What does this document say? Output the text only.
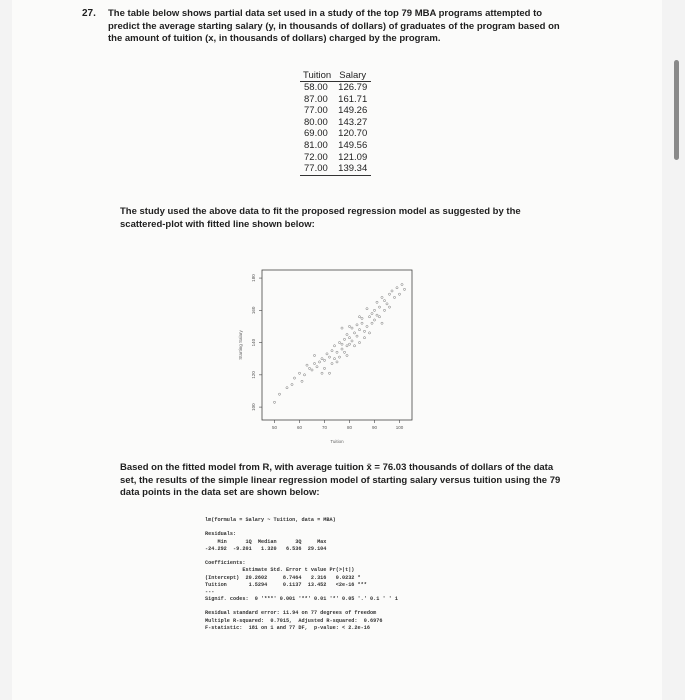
27. The table below shows partial data set used in a study of the top 79 MBA programs attempted to predict the average starting salary (y, in thousands of dollars) of graduates of the program based on the amount of tuition (x, in thousands of dollars) charged by the program.
Tuition	Salary
58.00	126.79
87.00	161.71
77.00	149.26
80.00	143.27
69.00	120.70
81.00	149.56
72.00	121.09
77.00	139.34
The study used the above data to fit the proposed regression model as suggested by the scattered-plot with fitted line shown below:
100
120
140
160
180
50	60	70	80	90	100
Starting Salary
Tuition
Based on the fitted model from R, with average tuition x̄ = 76.03 thousands of dollars of the data set, the results of the simple linear regression model of starting salary versus tuition using the 79 data points in the data set are shown below:
lm(formula = Salary ~ Tuition, data = MBA)
Residuals:
Min      1Q  Median      3Q     Max
-24.292  -9.201   1.320   6.536  29.104
Coefficients:
Estimate Std. Error t value Pr(>|t|)
(Intercept)  20.2602     8.7464   2.316   0.0232 *
Tuition       1.5294     0.1137  13.452   <2e-16 ***
---
Signif. codes:  0 '***' 0.001 '**' 0.01 '*' 0.05 '.' 0.1 ' ' 1
Residual standard error: 11.94 on 77 degrees of freedom
Multiple R-squared:  0.7015,  Adjusted R-squared:  0.6976
F-statistic:  181 on 1 and 77 DF,  p-value: < 2.2e-16
